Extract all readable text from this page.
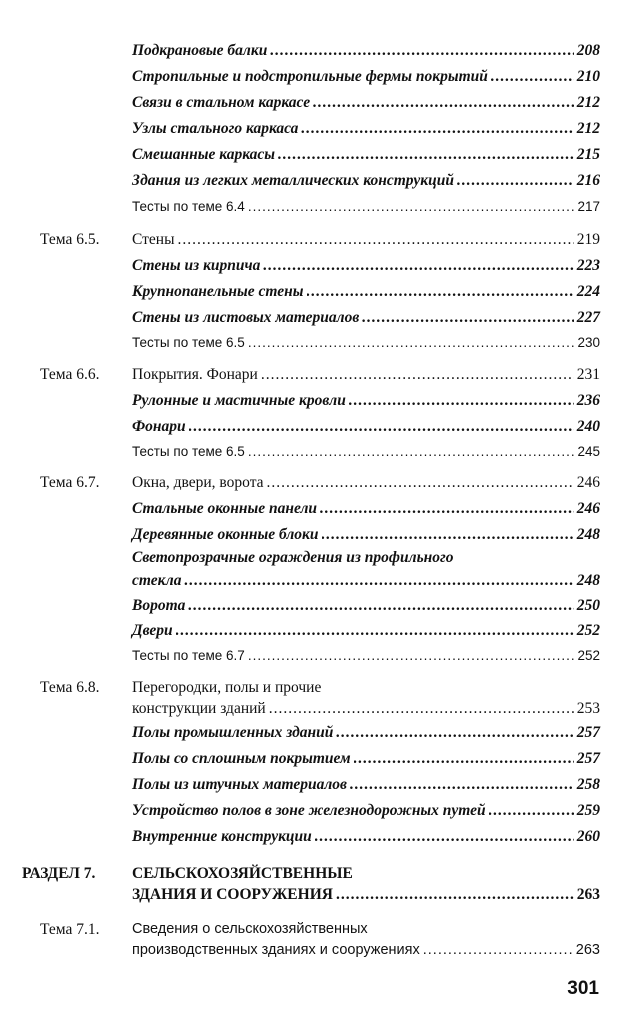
Подкрановые балки .....	208
Стропильные и подстропильные фермы покрытий .....	210
Связи в стальном каркасе .....	212
Узлы стального каркаса .....	212
Смешанные каркасы .....	215
Здания из легких металлических конструкций .....	216
Тесты по теме 6.4 .....	217
Тема 6.5. Стены .....	219
Стены из кирпича .....	223
Крупнопанельные стены .....	224
Стены из листовых материалов .....	227
Тесты по теме 6.5 .....	230
Тема 6.6. Покрытия. Фонари .....	231
Рулонные и мастичные кровли .....	236
Фонари .....	240
Тесты по теме 6.5 .....	245
Тема 6.7. Окна, двери, ворота .....	246
Стальные оконные панели .....	246
Деревянные оконные блоки .....	248
Светопрозрачные ограждения из профильного
стекла .....	248
Ворота .....	250
Двери .....	252
Тесты по теме 6.7 .....	252
Тема 6.8. Перегородки, полы и прочие
конструкции зданий .....	253
Полы промышленных зданий .....	257
Полы со сплошным покрытием .....	257
Полы из штучных материалов .....	258
Устройство полов в зоне железнодорожных путей .....	259
Внутренние конструкции .....	260
РАЗДЕЛ 7. СЕЛЬСКОХОЗЯЙСТВЕННЫЕ
ЗДАНИЯ И СООРУЖЕНИЯ .....	263
Тема 7.1. Сведения о сельскохозяйственных
производственных зданиях и сооружениях .....	263
301
